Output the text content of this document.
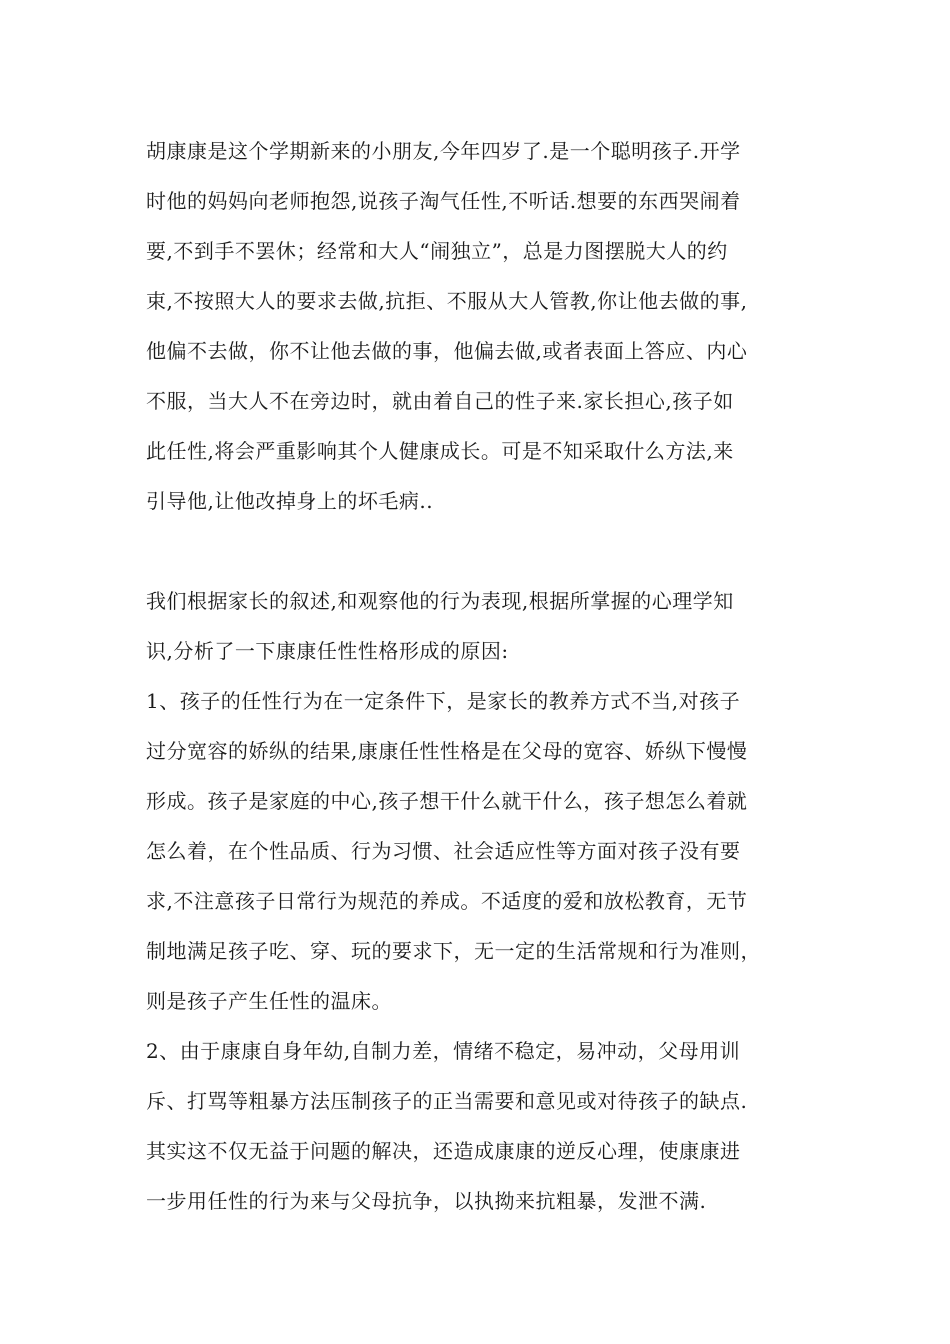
胡康康是这个学期新来的小朋友,今年四岁了.是一个聪明孩子.开学
时他的妈妈向老师抱怨,说孩子淘气任性,不听话.想要的东西哭闹着
要,不到手不罢休；经常和大人“闹独立”，总是力图摆脱大人的约
束,不按照大人的要求去做,抗拒、不服从大人管教,你让他去做的事,
他偏不去做，你不让他去做的事，他偏去做,或者表面上答应、内心
不服，当大人不在旁边时，就由着自己的性子来.家长担心,孩子如
此任性,将会严重影响其个人健康成长。可是不知采取什么方法,来
引导他,让他改掉身上的坏毛病..
我们根据家长的叙述,和观察他的行为表现,根据所掌握的心理学知
识,分析了一下康康任性性格形成的原因:
1、孩子的任性行为在一定条件下，是家长的教养方式不当,对孩子
过分宽容的娇纵的结果,康康任性性格是在父母的宽容、娇纵下慢慢
形成。孩子是家庭的中心,孩子想干什么就干什么，孩子想怎么着就
怎么着，在个性品质、行为习惯、社会适应性等方面对孩子没有要
求,不注意孩子日常行为规范的养成。不适度的爱和放松教育，无节
制地满足孩子吃、穿、玩的要求下，无一定的生活常规和行为准则，
则是孩子产生任性的温床。
2、由于康康自身年幼,自制力差，情绪不稳定，易冲动，父母用训
斥、打骂等粗暴方法压制孩子的正当需要和意见或对待孩子的缺点.
其实这不仅无益于问题的解决，还造成康康的逆反心理，使康康进
一步用任性的行为来与父母抗争，以执拗来抗粗暴，发泄不满.
